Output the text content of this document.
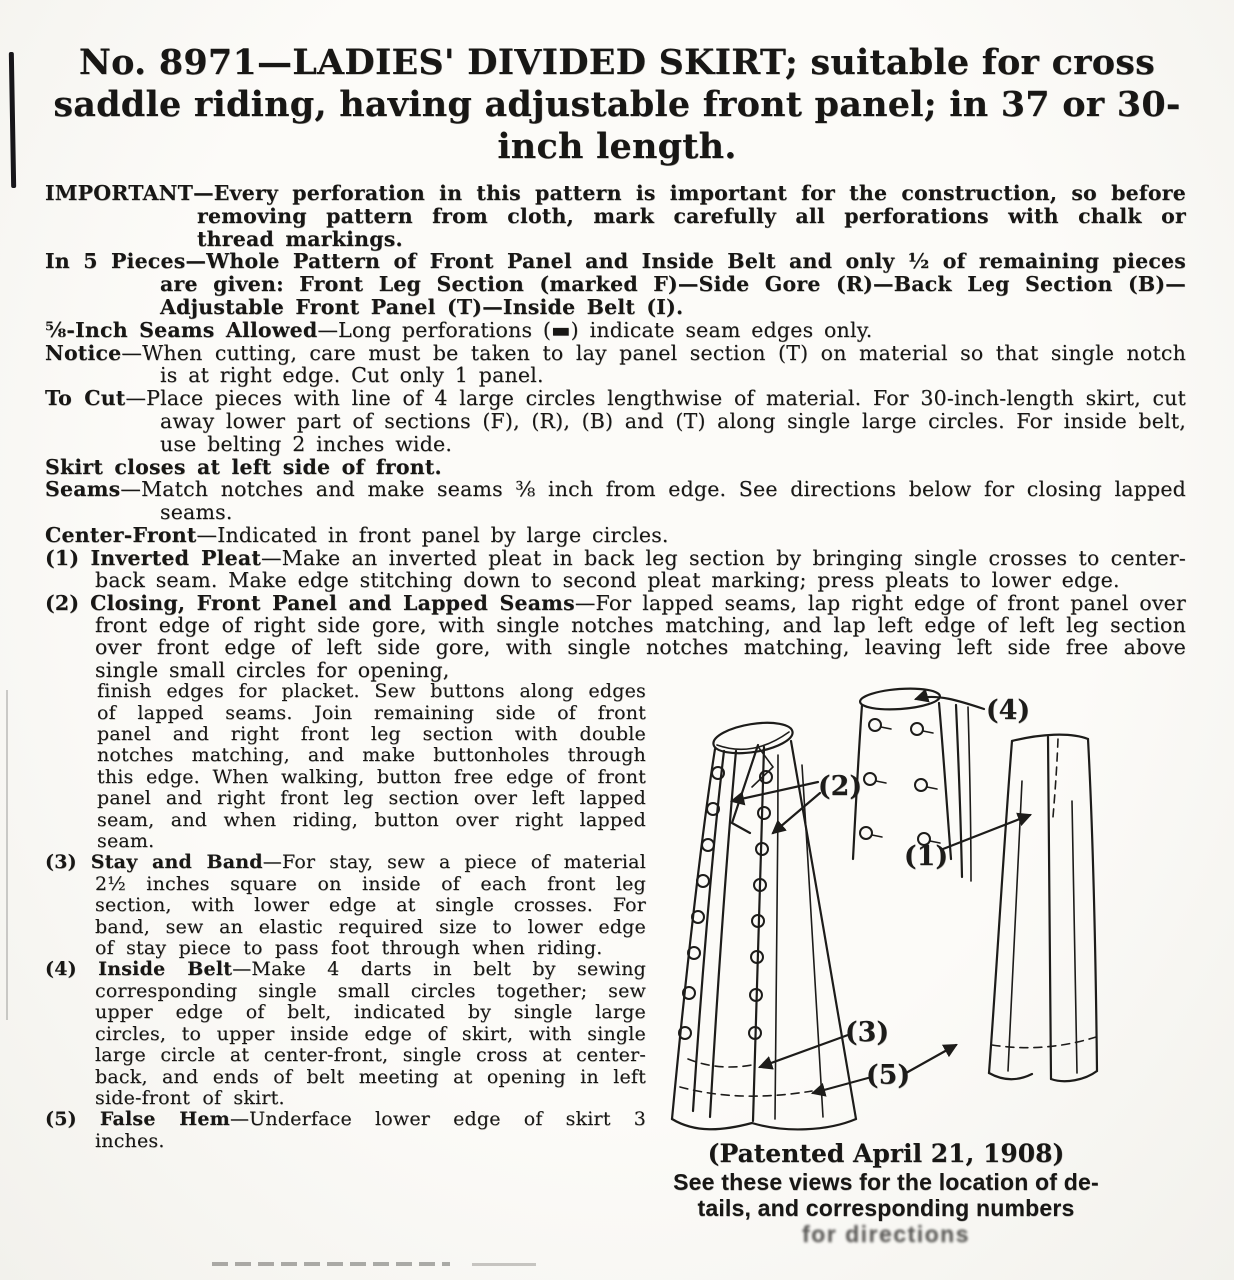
No. 8971—LADIES' DIVIDED SKIRT; suitable for cross
saddle riding, having adjustable front panel; in 37 or 30-
inch length.

IMPORTANT—Every perforation in this pattern is important for the construction, so before removing pattern from cloth, mark carefully all perforations with chalk or thread markings.

In 5 Pieces—Whole Pattern of Front Panel and Inside Belt and only ½ of remaining pieces are given: Front Leg Section (marked F)—Side Gore (R)—Back Leg Section (B)—Adjustable Front Panel (T)—Inside Belt (I).

⅝-Inch Seams Allowed—Long perforations (▬) indicate seam edges only.

Notice—When cutting, care must be taken to lay panel section (T) on material so that single notch is at right edge. Cut only 1 panel.

To Cut—Place pieces with line of 4 large circles lengthwise of material. For 30-inch-length skirt, cut away lower part of sections (F), (R), (B) and (T) along single large circles. For inside belt, use belting 2 inches wide.

Skirt closes at left side of front.

Seams—Match notches and make seams ⅜ inch from edge. See directions below for closing lapped seams.

Center-Front—Indicated in front panel by large circles.

(1) Inverted Pleat—Make an inverted pleat in back leg section by bringing single crosses to center-back seam. Make edge stitching down to second pleat marking; press pleats to lower edge.

(2) Closing, Front Panel and Lapped Seams—For lapped seams, lap right edge of front panel over front edge of right side gore, with single notches matching, and lap left edge of left leg section over front edge of left side gore, with single notches matching, leaving left side free above single small circles for opening,

finish edges for placket. Sew buttons along edges of lapped seams. Join remaining side of front panel and right front leg section with double notches matching, and make buttonholes through this edge. When walking, button free edge of front panel and right front leg section over left lapped seam, and when riding, button over right lapped seam.

(3) Stay and Band—For stay, sew a piece of material 2½ inches square on inside of each front leg section, with lower edge at single crosses. For band, sew an elastic required size to lower edge of stay piece to pass foot through when riding.

(4) Inside Belt—Make 4 darts in belt by sewing corresponding single small circles together; sew upper edge of belt, indicated by single large circles, to upper inside edge of skirt, with single large circle at center-front, single cross at center-back, and ends of belt meeting at opening in left side-front of skirt.

(5) False Hem—Underface lower edge of skirt 3 inches.

(4)
(2)
(1)
(3)
(5)
(Patented April 21, 1908)
See these views for the location of de-
tails, and corresponding numbers
for directions
